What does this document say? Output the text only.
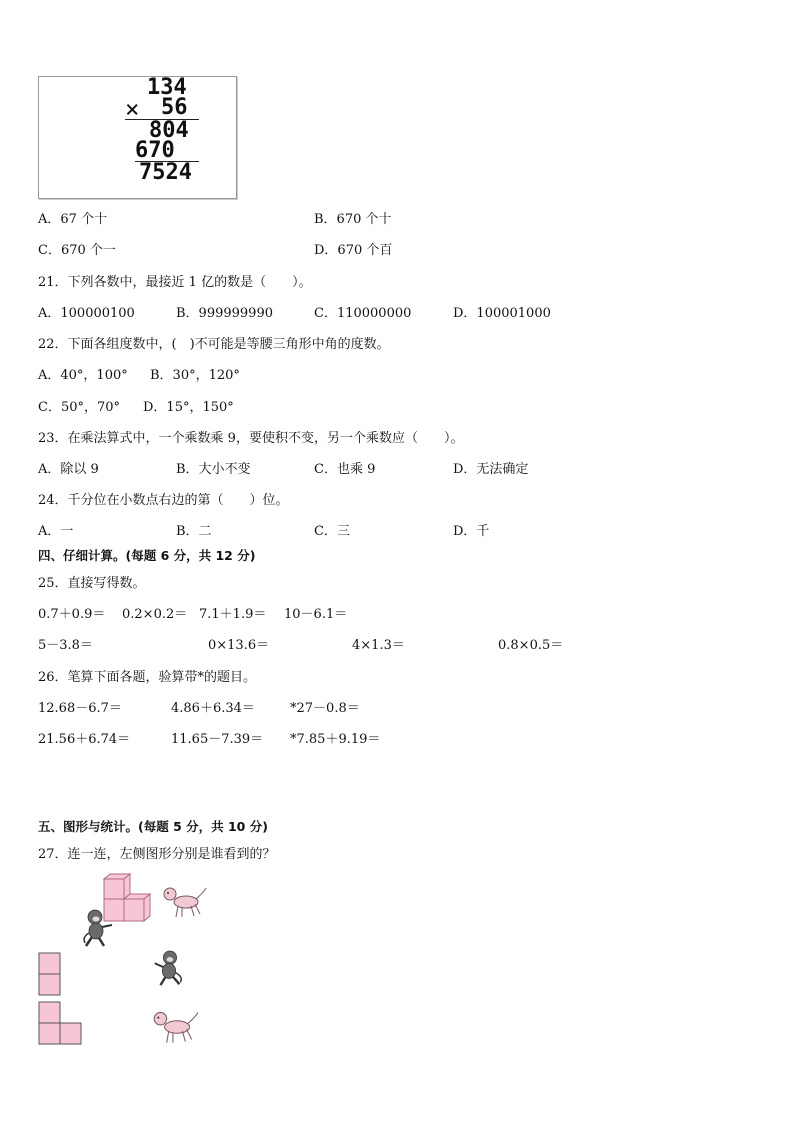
134
× 56
804
670
7524
A．67 个十	B．670 个十
C．670 个一	D．670 个百
21．下列各数中，最接近 1 亿的数是（　　）。
A．100000100	B．999999990	C．110000000	D．100001000
22．下面各组度数中，(　)不可能是等腰三角形中角的度数。
A．40°，100° B．30°，120°
C．50°，70° D．15°，150°
23．在乘法算式中，一个乘数乘 9，要使积不变，另一个乘数应（　　）。
A．除以 9	B．大小不变	C．也乘 9	D．无法确定
24．千分位在小数点右边的第（　　）位。
A．一	B．二	C．三	D．千
四、仔细计算。(每题 6 分，共 12 分)
25．直接写得数。
0.7＋0.9＝ 0.2×0.2＝ 7.1＋1.9＝ 10－6.1＝
5－3.8＝	0×13.6＝	4×1.3＝	0.8×0.5＝
26．笔算下面各题，验算带*的题目。
12.68－6.7＝	4.86＋6.34＝	*27－0.8＝
21.56＋6.74＝	11.65－7.39＝ *7.85＋9.19＝
五、图形与统计。(每题 5 分，共 10 分)
27．连一连，左侧图形分别是谁看到的？
